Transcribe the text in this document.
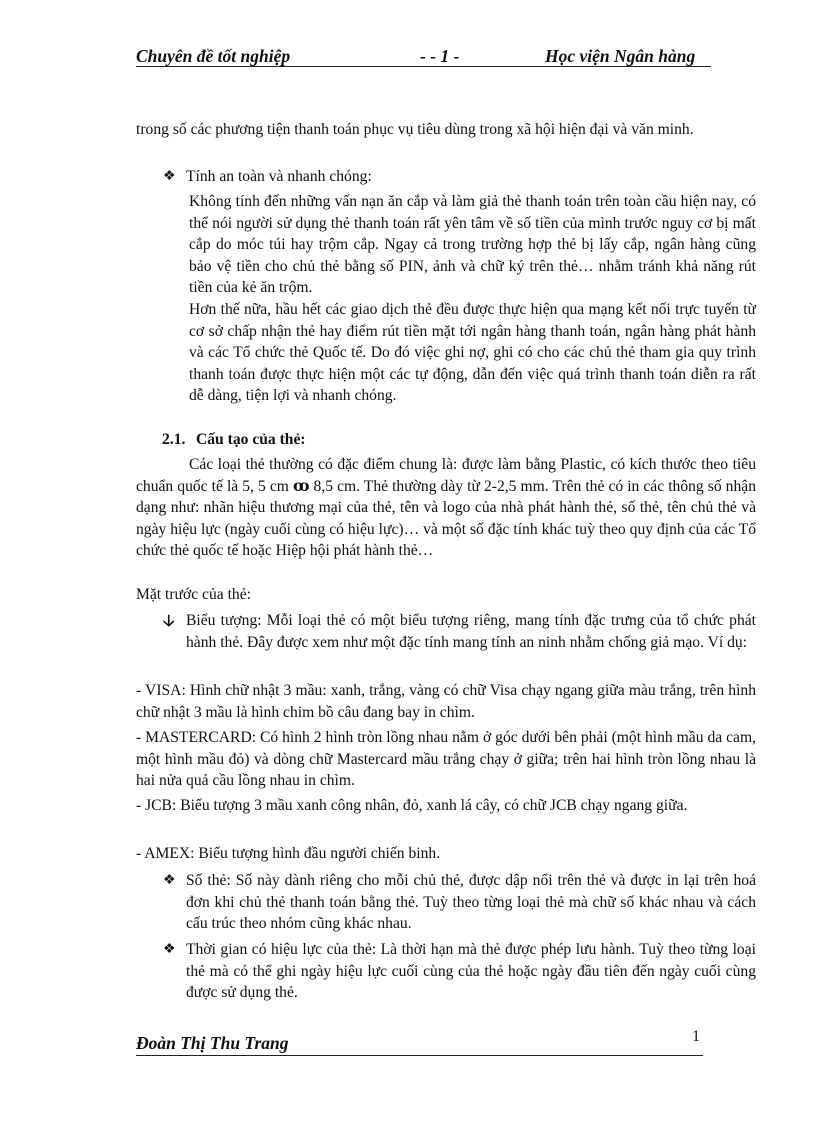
Chuyên đề tốt nghiệp	- - 1 -	Học viện Ngân hàng
trong số các phương tiện thanh toán phục vụ tiêu dùng trong xã hội hiện đại và văn minh.
❖ Tính an toàn và nhanh chóng:
Không tính đến những vấn nạn ăn cắp và làm giả thẻ thanh toán trên toàn cầu hiện nay, có thể nói người sử dụng thẻ thanh toán rất yên tâm về số tiền của mình trước nguy cơ bị mất cắp do móc túi hay trộm cắp. Ngay cả trong trường hợp thẻ bị lấy cắp, ngân hàng cũng bảo vệ tiền cho chủ thẻ bằng số PIN, ảnh và chữ ký trên thẻ… nhằm tránh khả năng rút tiền của kẻ ăn trộm.
Hơn thế nữa, hầu hết các giao dịch thẻ đều được thực hiện qua mạng kết nối trực tuyến từ cơ sở chấp nhận thẻ hay điểm rút tiền mặt tới ngân hàng thanh toán, ngân hàng phát hành và các Tổ chức thẻ Quốc tế. Do đó việc ghi nợ, ghi có cho các chủ thẻ tham gia quy trình thanh toán được thực hiện một các tự động, dẫn đến việc quá trình thanh toán diễn ra rất dễ dàng, tiện lợi và nhanh chóng.
2.1. Cấu tạo của thẻ:
Các loại thẻ thường có đặc điểm chung là: được làm bằng Plastic, có kích thước theo tiêu chuẩn quốc tế là 5, 5 cm ꝏ 8,5 cm. Thẻ thường dày từ 2-2,5 mm. Trên thẻ có in các thông số nhận dạng như: nhãn hiệu thương mại của thẻ, tên và logo của nhà phát hành thẻ, số thẻ, tên chủ thẻ và ngày hiệu lực (ngày cuối cùng có hiệu lực)… và một số đặc tính khác tuỳ theo quy định của các Tổ chức thẻ quốc tế hoặc Hiệp hội phát hành thẻ…
Mặt trước của thẻ:
🡣 Biểu tượng: Mỗi loại thẻ có một biểu tượng riêng, mang tính đặc trưng của tổ chức phát hành thẻ. Đây được xem như một đặc tính mang tính an ninh nhằm chống giả mạo. Ví dụ:
- VISA: Hình chữ nhật 3 mầu: xanh, trắng, vàng có chữ Visa chạy ngang giữa màu trắng, trên hình chữ nhật 3 mầu là hình chim bồ câu đang bay in chìm.
- MASTERCARD: Có hình 2 hình tròn lồng nhau nằm ở góc dưới bên phải (một hình mầu da cam, một hình mầu đỏ) và dòng chữ Mastercard mầu trắng chạy ở giữa; trên hai hình tròn lồng nhau là hai nửa quả cầu lồng nhau in chìm.
- JCB: Biểu tượng 3 mầu xanh công nhân, đỏ, xanh lá cây, có chữ JCB chạy ngang giữa.
- AMEX: Biểu tượng hình đầu người chiến binh.
❖ Số thẻ: Số này dành riêng cho mỗi chủ thẻ, được dập nổi trên thẻ và được in lại trên hoá đơn khi chủ thẻ thanh toán bằng thẻ. Tuỳ theo từng loại thẻ mà chữ số khác nhau và cách cấu trúc theo nhóm cũng khác nhau.
❖ Thời gian có hiệu lực của thẻ: Là thời hạn mà thẻ được phép lưu hành. Tuỳ theo từng loại thẻ mà có thể ghi ngày hiệu lực cuối cùng của thẻ hoặc ngày đầu tiên đến ngày cuối cùng được sử dụng thẻ.
Đoàn Thị Thu Trang	1
